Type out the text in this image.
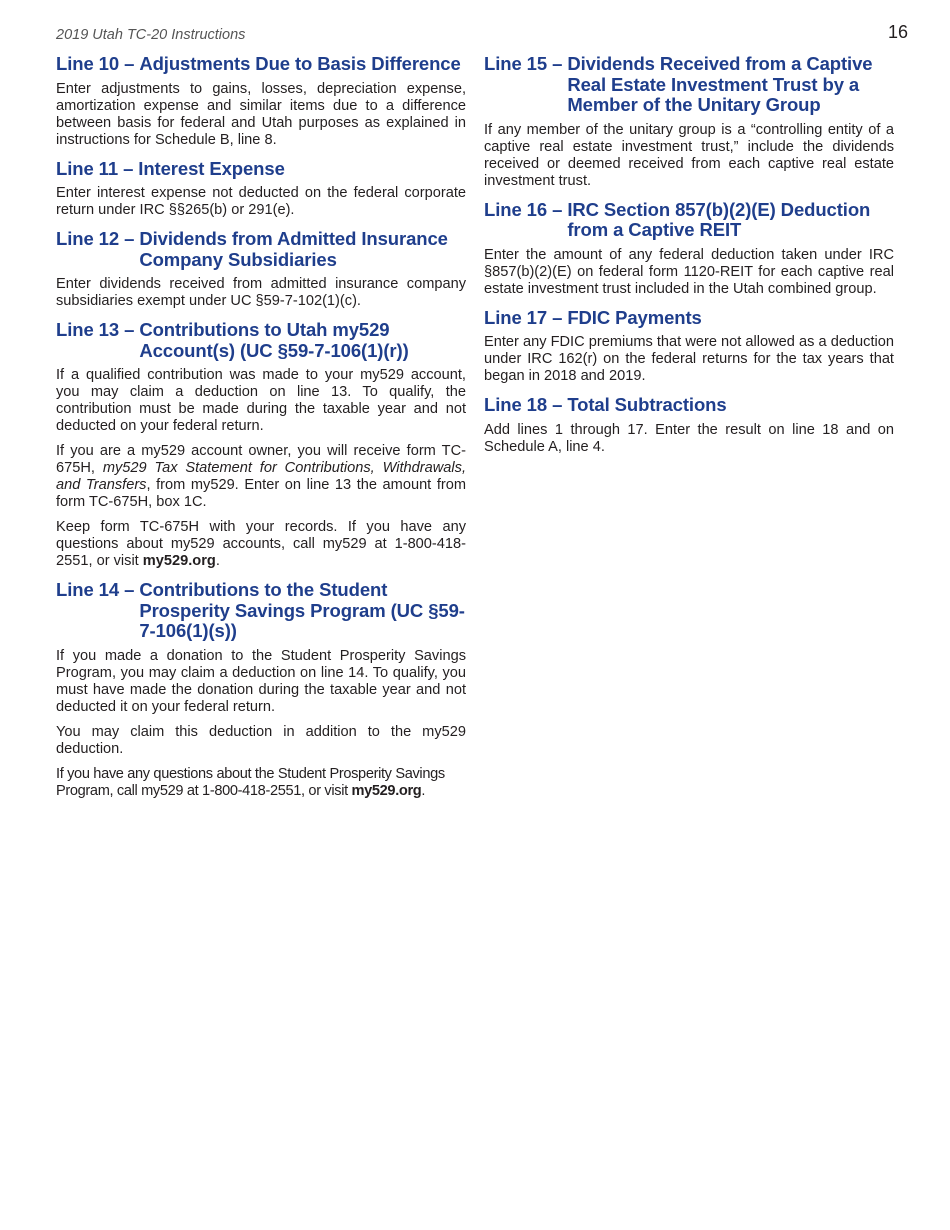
2019 Utah TC-20 Instructions	16
Line 10 – Adjustments Due to Basis Difference

Enter adjustments to gains, losses, depreciation expense, amortization expense and similar items due to a difference between basis for federal and Utah purposes as explained in instructions for Schedule B, line 8.

Line 11 – Interest Expense

Enter interest expense not deducted on the federal corporate return under IRC §§265(b) or 291(e).

Line 12 – Dividends from Admitted Insurance Company Subsidiaries

Enter dividends received from admitted insurance company subsidiaries exempt under UC §59-7-102(1)(c).

Line 13 – Contributions to Utah my529 Account(s) (UC §59-7-106(1)(r))

If a qualified contribution was made to your my529 account, you may claim a deduction on line 13. To qualify, the contribution must be made during the taxable year and not deducted on your federal return.

If you are a my529 account owner, you will receive form TC-675H, my529 Tax Statement for Contributions, Withdrawals, and Transfers, from my529. Enter on line 13 the amount from form TC-675H, box 1C.

Keep form TC-675H with your records. If you have any questions about my529 accounts, call my529 at 1-800-418-2551, or visit my529.org.

Line 14 – Contributions to the Student Prosperity Savings Program (UC §59-7-106(1)(s))

If you made a donation to the Student Prosperity Savings Program, you may claim a deduction on line 14. To qualify, you must have made the donation during the taxable year and not deducted it on your federal return.

You may claim this deduction in addition to the my529 deduction.

If you have any questions about the Student Prosperity Savings Program, call my529 at 1-800-418-2551, or visit my529.org.

Line 15 – Dividends Received from a Captive Real Estate Investment Trust by a Member of the Unitary Group

If any member of the unitary group is a “controlling entity of a captive real estate investment trust,” include the dividends received or deemed received from each captive real estate investment trust.

Line 16 – IRC Section 857(b)(2)(E) Deduction from a Captive REIT

Enter the amount of any federal deduction taken under IRC §857(b)(2)(E) on federal form 1120-REIT for each captive real estate investment trust included in the Utah combined group.

Line 17 – FDIC Payments

Enter any FDIC premiums that were not allowed as a deduction under IRC 162(r) on the federal returns for the tax years that began in 2018 and 2019.

Line 18 – Total Subtractions

Add lines 1 through 17. Enter the result on line 18 and on Schedule A, line 4.
